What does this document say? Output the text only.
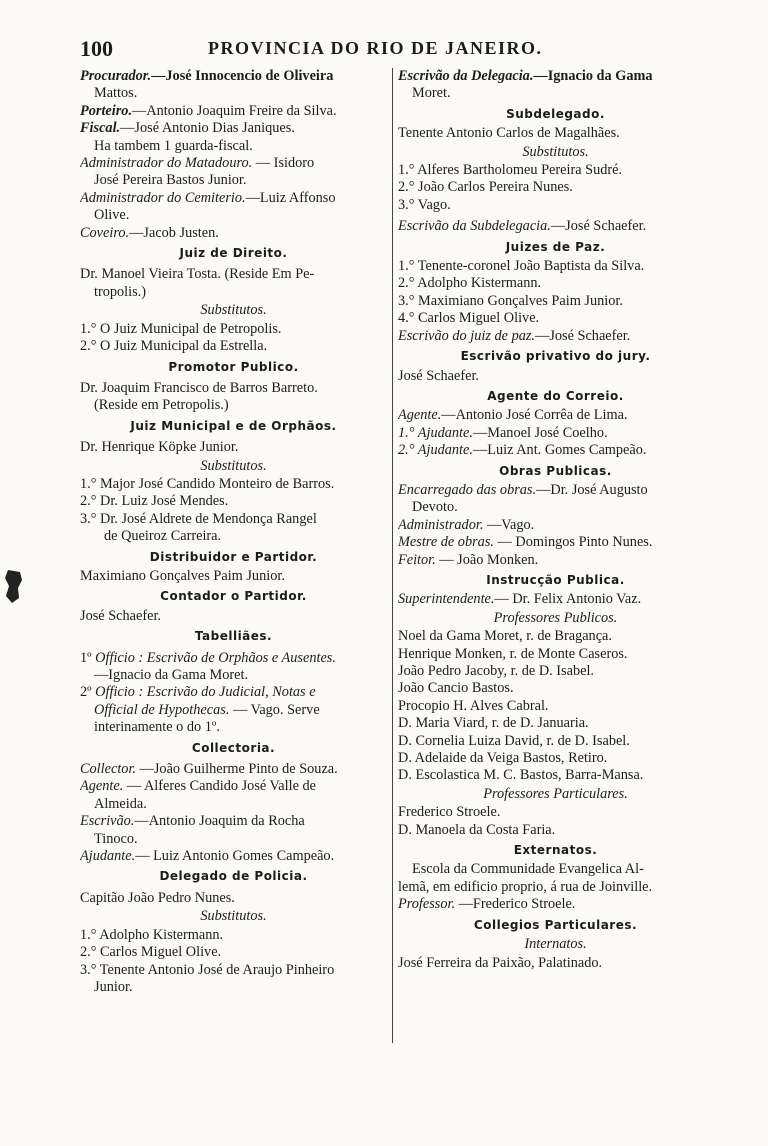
100	PROVINCIA DO RIO DE JANEIRO.
Procurador.—José Innocencio de Oliveira
Mattos.
Porteiro.—Antonio Joaquim Freire da Silva.
Fiscal.—José Antonio Dias Janiques.
Ha tambem 1 guarda-fiscal.
Administrador do Matadouro. — Isidoro
José Pereira Bastos Junior.
Administrador do Cemiterio.—Luiz Affonso
Olive.
Coveiro.—Jacob Justen.
Juiz de Direito.
Dr. Manoel Vieira Tosta. (Reside Em Pe-
tropolis.)
Substitutos.
1.° O Juiz Municipal de Petropolis.
2.° O Juiz Municipal da Estrella.
Promotor Publico.
Dr. Joaquim Francisco de Barros Barreto.
(Reside em Petropolis.)
Juiz Municipal e de Orphãos.
Dr. Henrique Köpke Junior.
Substitutos.
1.° Major José Candido Monteiro de Barros.
2.° Dr. Luiz José Mendes.
3.° Dr. José Aldrete de Mendonça Rangel
de Queiroz Carreira.
Distribuidor e Partidor.
Maximiano Gonçalves Paim Junior.
Contador o Partidor.
José Schaefer.
Tabelliães.
1º Officio : Escrivão de Orphãos e Ausentes.
—Ignacio da Gama Moret.
2º Officio : Escrivão do Judicial, Notas e
Official de Hypothecas. — Vago. Serve
interinamente o do 1º.
Collectoria.
Collector. —João Guilherme Pinto de Souza.
Agente. — Alferes Candido José Valle de
Almeida.
Escrivão.—Antonio Joaquim da Rocha
Tinoco.
Ajudante.— Luiz Antonio Gomes Campeão.
Delegado de Policia.
Capitão João Pedro Nunes.
Substitutos.
1.° Adolpho Kistermann.
2.° Carlos Miguel Olive.
3.° Tenente Antonio José de Araujo Pinheiro
Junior.
Escrivão da Delegacia.—Ignacio da Gama
Moret.
Subdelegado.
Tenente Antonio Carlos de Magalhães.
Substitutos.
1.° Alferes Bartholomeu Pereira Sudré.
2.° João Carlos Pereira Nunes.
3.° Vago.
Escrivão da Subdelegacia.—José Schaefer.
Juizes de Paz.
1.° Tenente-coronel João Baptista da Silva.
2.° Adolpho Kistermann.
3.° Maximiano Gonçalves Paim Junior.
4.° Carlos Miguel Olive.
Escrivão do juiz de paz.—José Schaefer.
Escrivão privativo do jury.
José Schaefer.
Agente do Correio.
Agente.—Antonio José Corrêa de Lima.
1.° Ajudante.—Manoel José Coelho.
2.° Ajudante.—Luiz Ant. Gomes Campeão.
Obras Publicas.
Encarregado das obras.—Dr. José Augusto
Devoto.
Administrador. —Vago.
Mestre de obras. — Domingos Pinto Nunes.
Feitor. — João Monken.
Instrucção Publica.
Superintendente.— Dr. Felix Antonio Vaz.
Professores Publicos.
Noel da Gama Moret, r. de Bragança.
Henrique Monken, r. de Monte Caseros.
João Pedro Jacoby, r. de D. Isabel.
João Cancio Bastos.
Procopio H. Alves Cabral.
D. Maria Viard, r. de D. Januaria.
D. Cornelia Luiza David, r. de D. Isabel.
D. Adelaide da Veiga Bastos, Retiro.
D. Escolastica M. C. Bastos, Barra-Mansa.
Professores Particulares.
Frederico Stroele.
D. Manoela da Costa Faria.
Externatos.
Escola da Communidade Evangelica Al-
lemã, em edificio proprio, á rua de Joinville.
Professor. —Frederico Stroele.
Collegios Particulares.
Internatos.
José Ferreira da Paixão, Palatinado.
